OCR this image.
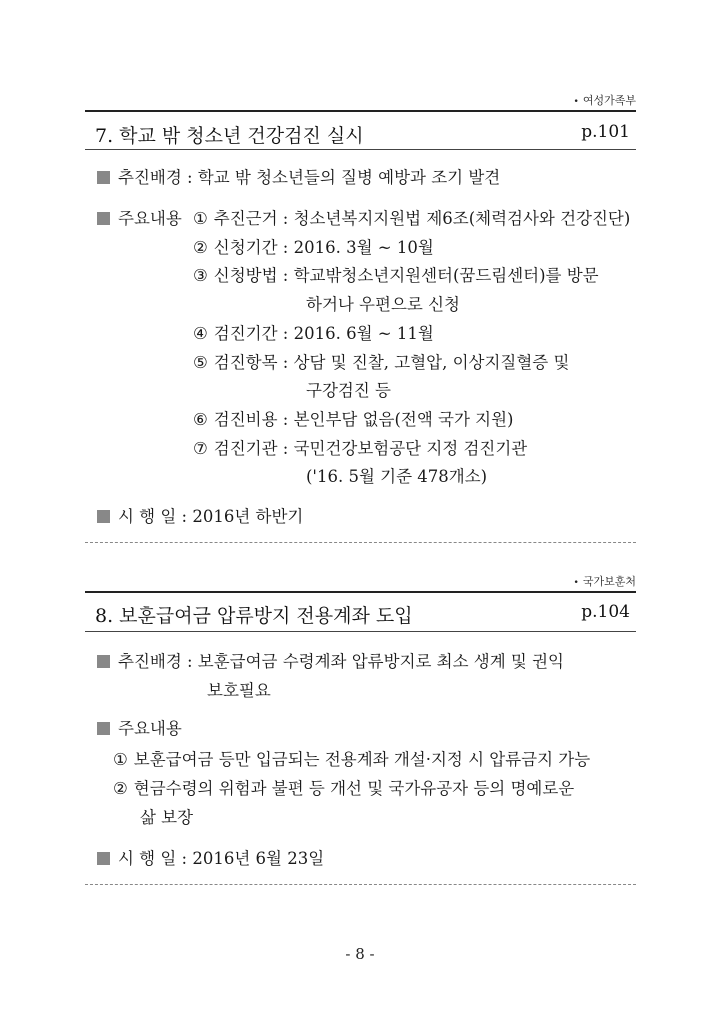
• 여성가족부
7. 학교 밖 청소년 건강검진 실시	p.101
추진배경 : 학교 밖 청소년들의 질병 예방과 조기 발견
주요내용 ① 추진근거 : 청소년복지지원법 제6조(체력검사와 건강진단)
② 신청기간 : 2016. 3월 ~ 10월
③ 신청방법 : 학교밖청소년지원센터(꿈드림센터)를 방문
하거나 우편으로 신청
④ 검진기간 : 2016. 6월 ~ 11월
⑤ 검진항목 : 상담 및 진찰, 고혈압, 이상지질혈증 및
구강검진 등
⑥ 검진비용 : 본인부담 없음(전액 국가 지원)
⑦ 검진기관 : 국민건강보험공단 지정 검진기관
('16. 5월 기준 478개소)
시 행 일 : 2016년 하반기
• 국가보훈처
8. 보훈급여금 압류방지 전용계좌 도입	p.104
추진배경 : 보훈급여금 수령계좌 압류방지로 최소 생계 및 권익
보호필요
주요내용
① 보훈급여금 등만 입금되는 전용계좌 개설·지정 시 압류금지 가능
② 현금수령의 위험과 불편 등 개선 및 국가유공자 등의 명예로운
삶 보장
시 행 일 : 2016년 6월 23일
- 8 -
